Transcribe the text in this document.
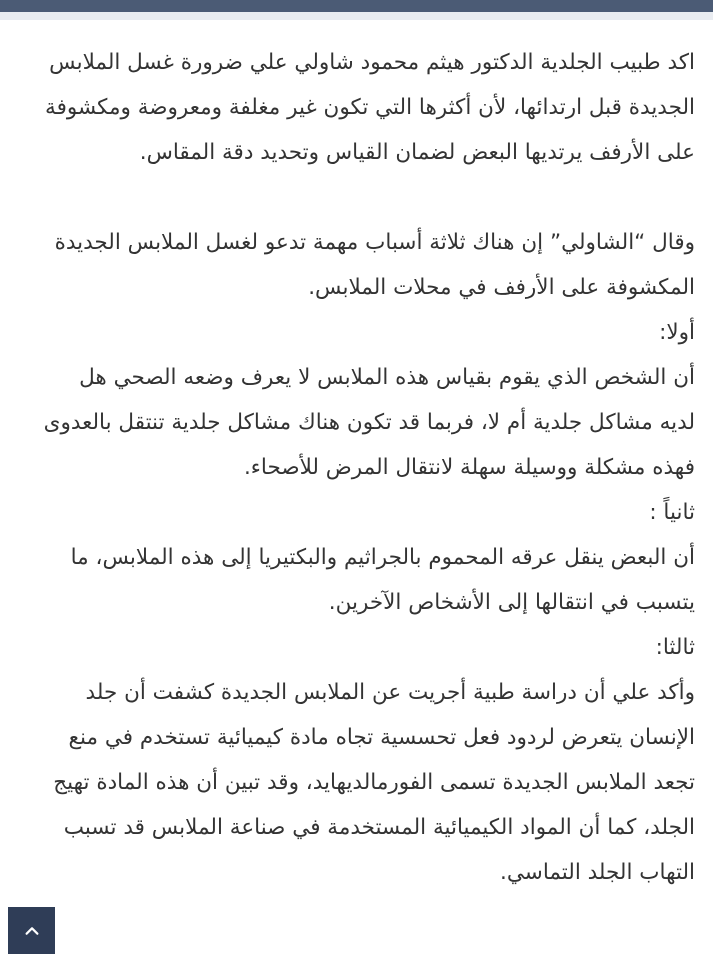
اكد طبيب الجلدية الدكتور هيثم محمود شاولي علي ضرورة غسل الملابس الجديدة قبل ارتدائها، لأن أكثرها التي تكون غير مغلفة ومعروضة ومكشوفة على الأرفف يرتديها البعض لضمان القياس وتحديد دقة المقاس.

وقال “الشاولي” إن هناك ثلاثة أسباب مهمة تدعو لغسل الملابس الجديدة المكشوفة على الأرفف في محلات الملابس.

أولا:

أن الشخص الذي يقوم بقياس هذه الملابس لا يعرف وضعه الصحي هل لديه مشاكل جلدية أم لا، فربما قد تكون هناك مشاكل جلدية تنتقل بالعدوى فهذه مشكلة ووسيلة سهلة لانتقال المرض للأصحاء.

ثانياً :

أن البعض ينقل عرقه المحموم بالجراثيم والبكتيريا إلى هذه الملابس، ما يتسبب في انتقالها إلى الأشخاص الآخرين.

ثالثا:

وأكد علي أن دراسة طبية أجريت عن الملابس الجديدة كشفت أن جلد الإنسان يتعرض لردود فعل تحسسية تجاه مادة كيميائية تستخدم في منع تجعد الملابس الجديدة تسمى الفورمالديهايد، وقد تبين أن هذه المادة تهيج الجلد، كما أن المواد الكيميائية المستخدمة في صناعة الملابس قد تسبب التهاب الجلد التماسي.
